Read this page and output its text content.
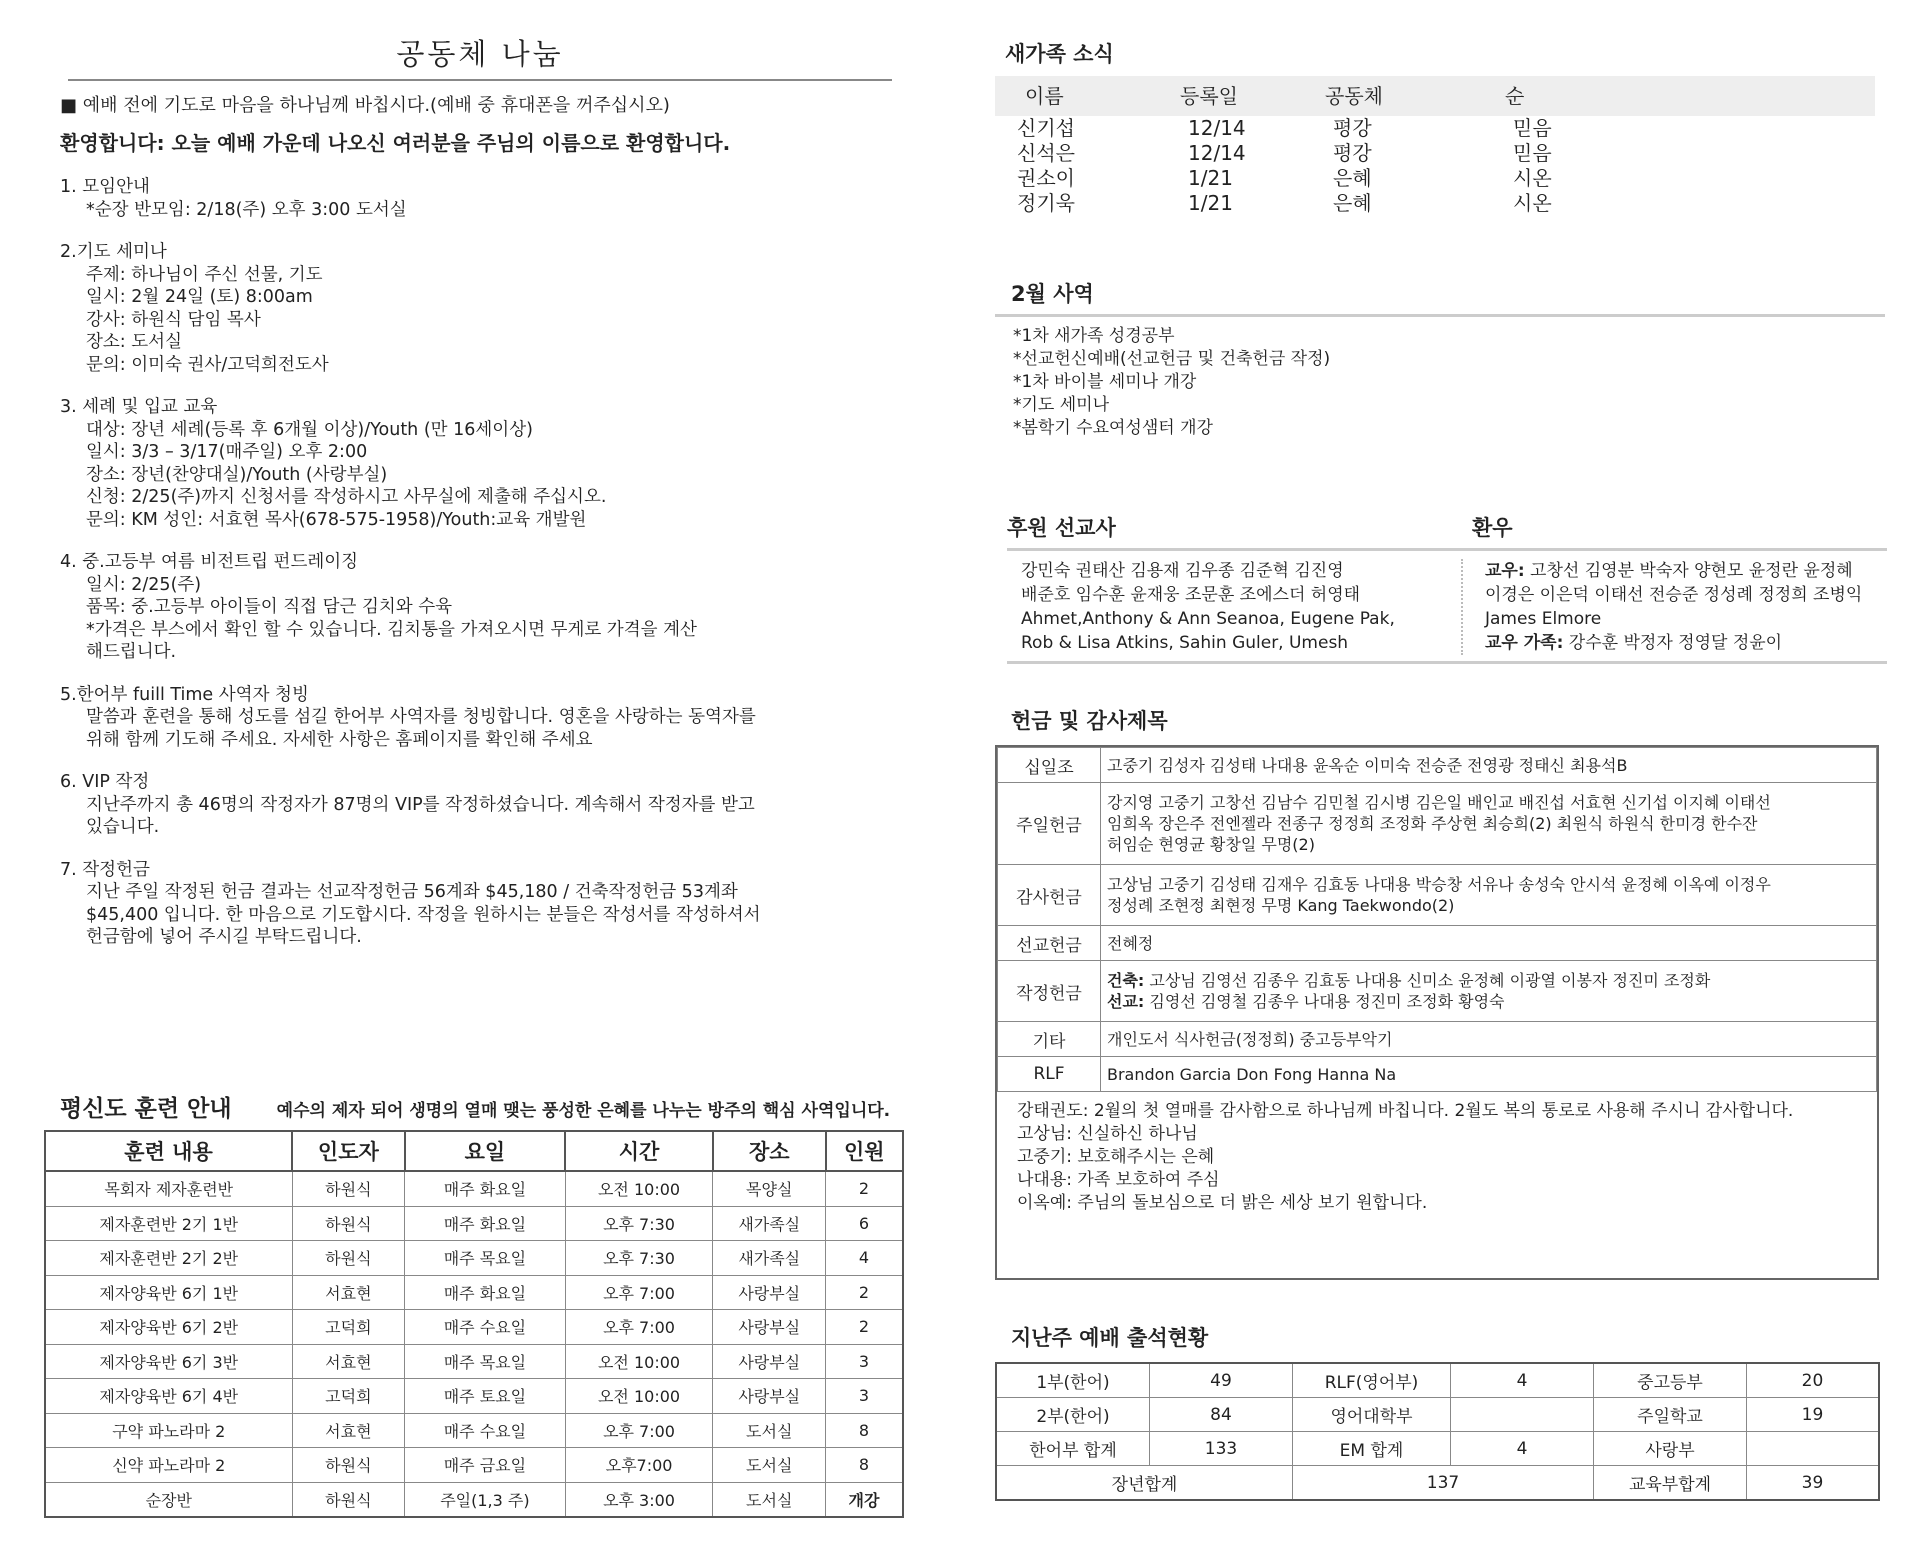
공동체 나눔
■ 예배 전에 기도로 마음을 하나님께 바칩시다.(예배 중 휴대폰을 꺼주십시오)
환영합니다: 오늘 예배 가운데 나오신 여러분을 주님의 이름으로 환영합니다.
1. 모임안내
*순장 반모임: 2/18(주) 오후 3:00 도서실
2.기도 세미나
주제: 하나님이 주신 선물, 기도
일시: 2월 24일 (토) 8:00am
강사: 하원식 담임 목사
장소: 도서실
문의: 이미숙 권사/고덕희전도사
3. 세례 및 입교 교육
대상: 장년 세례(등록 후 6개월 이상)/Youth (만 16세이상)
일시: 3/3 – 3/17(매주일) 오후 2:00
장소: 장년(찬양대실)/Youth (사랑부실)
신청: 2/25(주)까지 신청서를 작성하시고 사무실에 제출해 주십시오.
문의: KM 성인: 서효현 목사(678-575-1958)/Youth:교육 개발원
4. 중.고등부 여름 비전트립 펀드레이징
일시: 2/25(주)
품목: 중.고등부 아이들이 직접 담근 김치와 수육
*가격은 부스에서 확인 할 수 있습니다. 김치통을 가져오시면 무게로 가격을 계산
해드립니다.
5.한어부 fuill Time 사역자 청빙
말씀과 훈련을 통해 성도를 섬길 한어부 사역자를 청빙합니다. 영혼을 사랑하는 동역자를
위해 함께 기도해 주세요. 자세한 사항은 홈페이지를 확인해 주세요
6. VIP 작정
지난주까지 총 46명의 작정자가 87명의 VIP를 작정하셨습니다. 계속해서 작정자를 받고
있습니다.
7. 작정헌금
지난 주일 작정된 헌금 결과는 선교작정헌금 56계좌 $45,180 / 건축작정헌금 53계좌
$45,400 입니다. 한 마음으로 기도합시다. 작정을 원하시는 분들은 작성서를 작성하셔서
헌금함에 넣어 주시길 부탁드립니다.
평신도 훈련 안내	예수의 제자 되어 생명의 열매 맺는 풍성한 은혜를 나누는 방주의 핵심 사역입니다.
훈련 내용	인도자	요일	시간	장소	인원
목회자 제자훈련반	하원식	매주 화요일	오전 10:00	목양실	2
제자훈련반 2기 1반	하원식	매주 화요일	오후 7:30	새가족실	6
제자훈련반 2기 2반	하원식	매주 목요일	오후 7:30	새가족실	4
제자양육반 6기 1반	서효현	매주 화요일	오후 7:00	사랑부실	2
제자양육반 6기 2반	고덕희	매주 수요일	오후 7:00	사랑부실	2
제자양육반 6기 3반	서효현	매주 목요일	오전 10:00	사랑부실	3
제자양육반 6기 4반	고덕희	매주 토요일	오전 10:00	사랑부실	3
구약 파노라마 2	서효현	매주 수요일	오후 7:00	도서실	8
신약 파노라마 2	하원식	매주 금요일	오후7:00	도서실	8
순장반	하원식	주일(1,3 주)	오후 3:00	도서실	개강
새가족 소식
이름	등록일	공동체	순
신기섭	12/14	평강	믿음
신석은	12/14	평강	믿음
권소이	1/21	은혜	시온
정기욱	1/21	은혜	시온
2월 사역
*1차 새가족 성경공부
*선교헌신예배(선교헌금 및 건축헌금 작정)
*1차 바이블 세미나 개강
*기도 세미나
*봄학기 수요여성샘터 개강
후원 선교사	환우
강민숙 권태산 김용재 김우종 김준혁 김진영
배준호 임수훈 윤재웅 조문훈 조에스더 허영태
Ahmet,Anthony & Ann Seanoa, Eugene Pak,
Rob & Lisa Atkins, Sahin Guler, Umesh
교우: 고창선 김영분 박숙자 양현모 윤정란 윤정혜
이경은 이은덕 이태선 전승준 정성례 정정희 조병익
James Elmore
교우 가족: 강수훈 박정자 정영달 정윤이
헌금 및 감사제목
십일조	고중기 김성자 김성태 나대용 윤옥순 이미숙 전승준 전영광 정태신 최용석B

주일헌금	강지영 고중기 고창선 김남수 김민철 김시병 김은일 배인교 배진섭 서효현 신기섭 이지혜 이태선
임희옥 장은주 전엔젤라 전종구 정정희 조정화 주상현 최승희(2) 최원식 하원식 한미경 한수잔
허임순 현영균 황창일 무명(2)

감사헌금	고상님 고중기 김성태 김재우 김효동 나대용 박승창 서유나 송성숙 안시석 윤정혜 이옥예 이정우
정성례 조현정 최현정 무명 Kang Taekwondo(2)

선교헌금	전혜정

작정헌금	건축: 고상님 김영선 김종우 김효동 나대용 신미소 윤정혜 이광열 이봉자 정진미 조정화
선교: 김영선 김영철 김종우 나대용 정진미 조정화 황영숙

기타	개인도서 식사헌금(정정희) 중고등부악기

RLF	Brandon Garcia Don Fong Hanna Na
강태권도: 2월의 첫 열매를 감사함으로 하나님께 바칩니다. 2월도 복의 통로로 사용해 주시니 감사합니다.
고상님: 신실하신 하나님
고중기: 보호해주시는 은혜
나대용: 가족 보호하여 주심
이옥예: 주님의 돌보심으로 더 밝은 세상 보기 원합니다.
지난주 예배 출석현황
1부(한어)	49	RLF(영어부)	4	중고등부	20
2부(한어)	84	영어대학부		주일학교	19
한어부 합계	133	EM 합계	4	사랑부	
장년합계		137		교육부합계	39
